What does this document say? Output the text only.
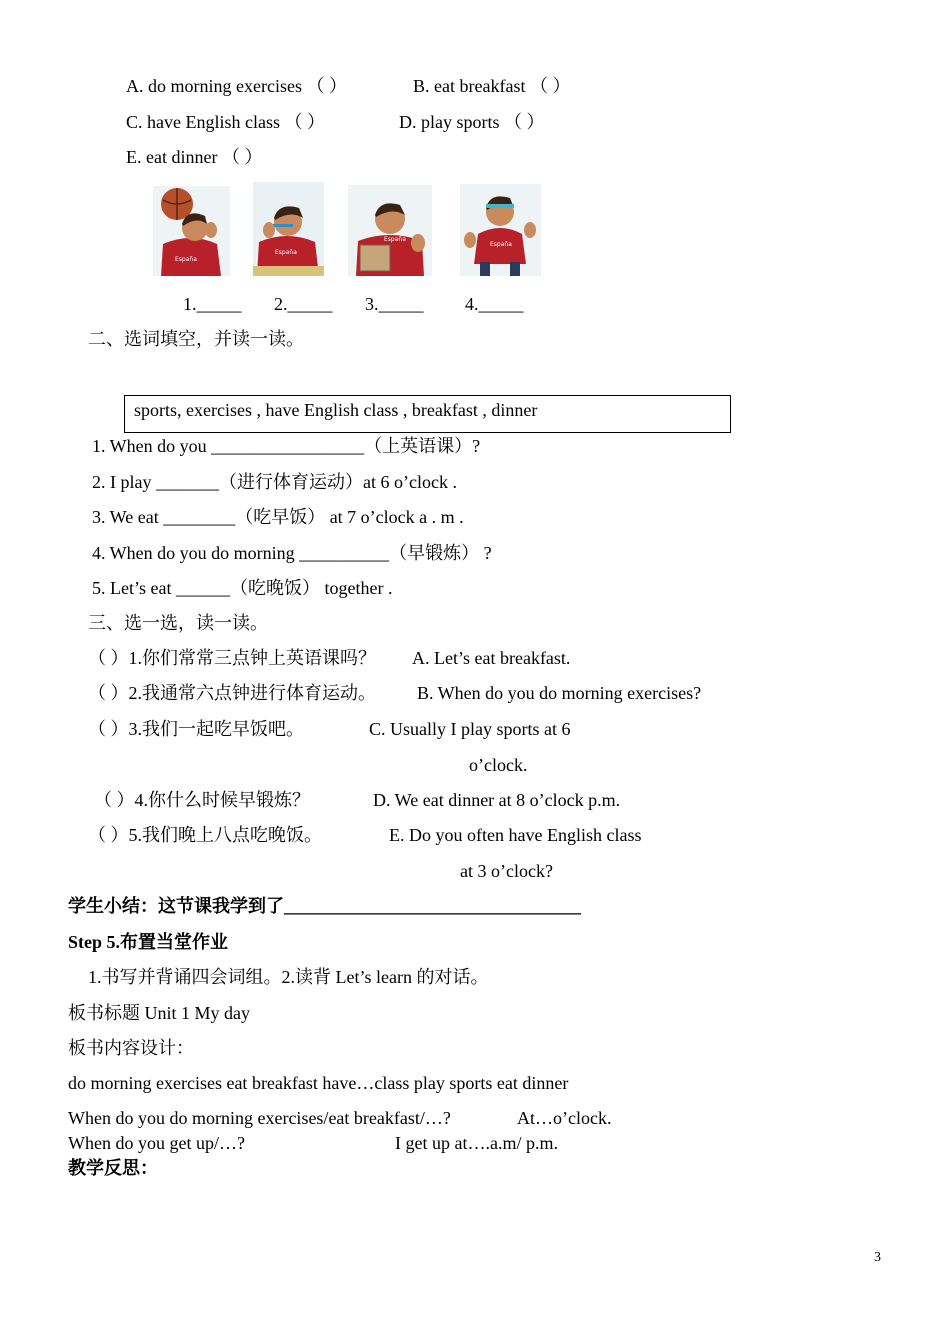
A. do morning exercises （ ）	B. eat breakfast （ ）
C. have English class （ ）	D. play sports （ ）
E. eat dinner （ ）
España
España
España
España
1._____ 2._____ 3._____ 4._____
二、选词填空，并读一读。
sports, exercises , have English class , breakfast , dinner
1. When do you _________________（上英语课）?
2. I play _______（进行体育运动）at 6 o’clock .
3. We eat ________（吃早饭） at 7 o’clock a . m .
4. When do you do morning __________（早锻炼） ?
5. Let’s eat ______（吃晚饭） together .
三、选一选，读一读。
（ ）1.你们常常三点钟上英语课吗？ A. Let’s eat breakfast.
（ ）2.我通常六点钟进行体育运动。 B. When do you do morning exercises?
（ ）3.我们一起吃早饭吧。	C. Usually I play sports at 6
o’clock.
（ ）4.你什么时候早锻炼？	D. We eat dinner at 8 o’clock p.m.
（ ）5.我们晚上八点吃晚饭。	E. Do you often have English class
at 3 o’clock?
学生小结：这节课我学到了_________________________________
Step 5.布置当堂作业
1.书写并背诵四会词组。2.读背 Let’s learn 的对话。
板书标题 Unit 1 My day
板书内容设计：
do morning exercises eat breakfast have…class play sports eat dinner
When do you do morning exercises/eat breakfast/…?	At…o’clock.
When do you get up/…?	I get up at….a.m/ p.m.
教学反思：
3
